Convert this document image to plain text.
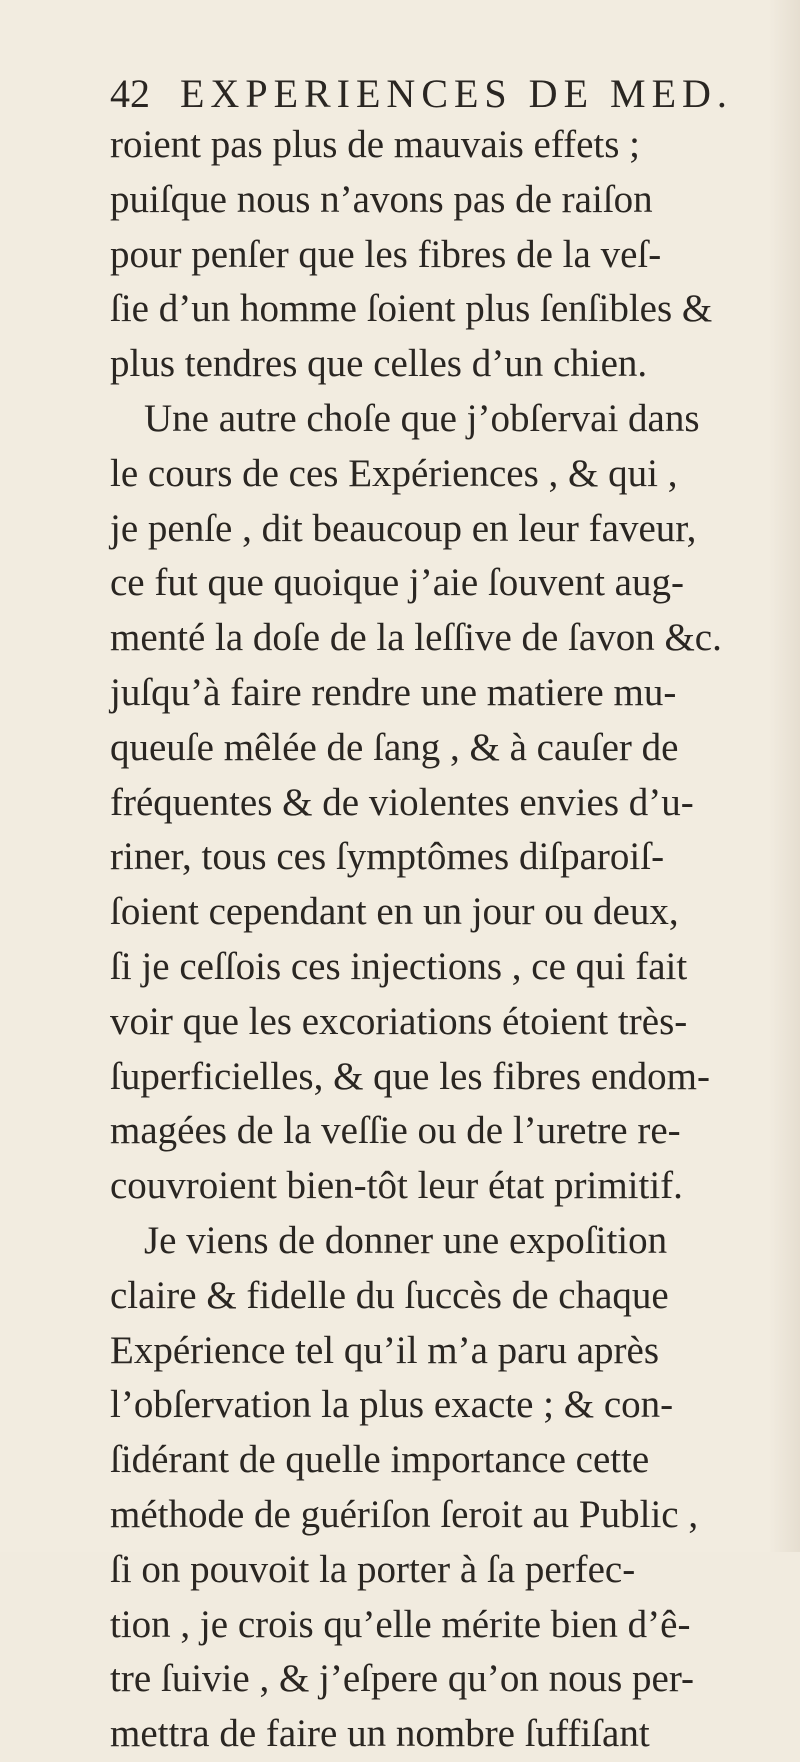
42 EXPERIENCES DE MED.
roient pas plus de mauvais effets ;
puiſque nous n’avons pas de raiſon
pour penſer que les fibres de la veſ-
ſie d’un homme ſoient plus ſenſibles &
plus tendres que celles d’un chien.
Une autre choſe que j’obſervai dans
le cours de ces Expériences , & qui ,
je penſe , dit beaucoup en leur faveur,
ce fut que quoique j’aie ſouvent aug-
menté la doſe de la leſſive de ſavon &c.
juſqu’à faire rendre une matiere mu-
queuſe mêlée de ſang , & à cauſer de
fréquentes & de violentes envies d’u-
riner, tous ces ſymptômes diſparoiſ-
ſoient cependant en un jour ou deux,
ſi je ceſſois ces injections , ce qui fait
voir que les excoriations étoient très-
ſuperficielles, & que les fibres endom-
magées de la veſſie ou de l’uretre re-
couvroient bien-tôt leur état primitif.
Je viens de donner une expoſition
claire & fidelle du ſuccès de chaque
Expérience tel qu’il m’a paru après
l’obſervation la plus exacte ; & con-
ſidérant de quelle importance cette
méthode de guériſon ſeroit au Public ,
ſi on pouvoit la porter à ſa perfec-
tion , je crois qu’elle mérite bien d’ê-
tre ſuivie , & j’eſpere qu’on nous per-
mettra de faire un nombre ſuffiſant
